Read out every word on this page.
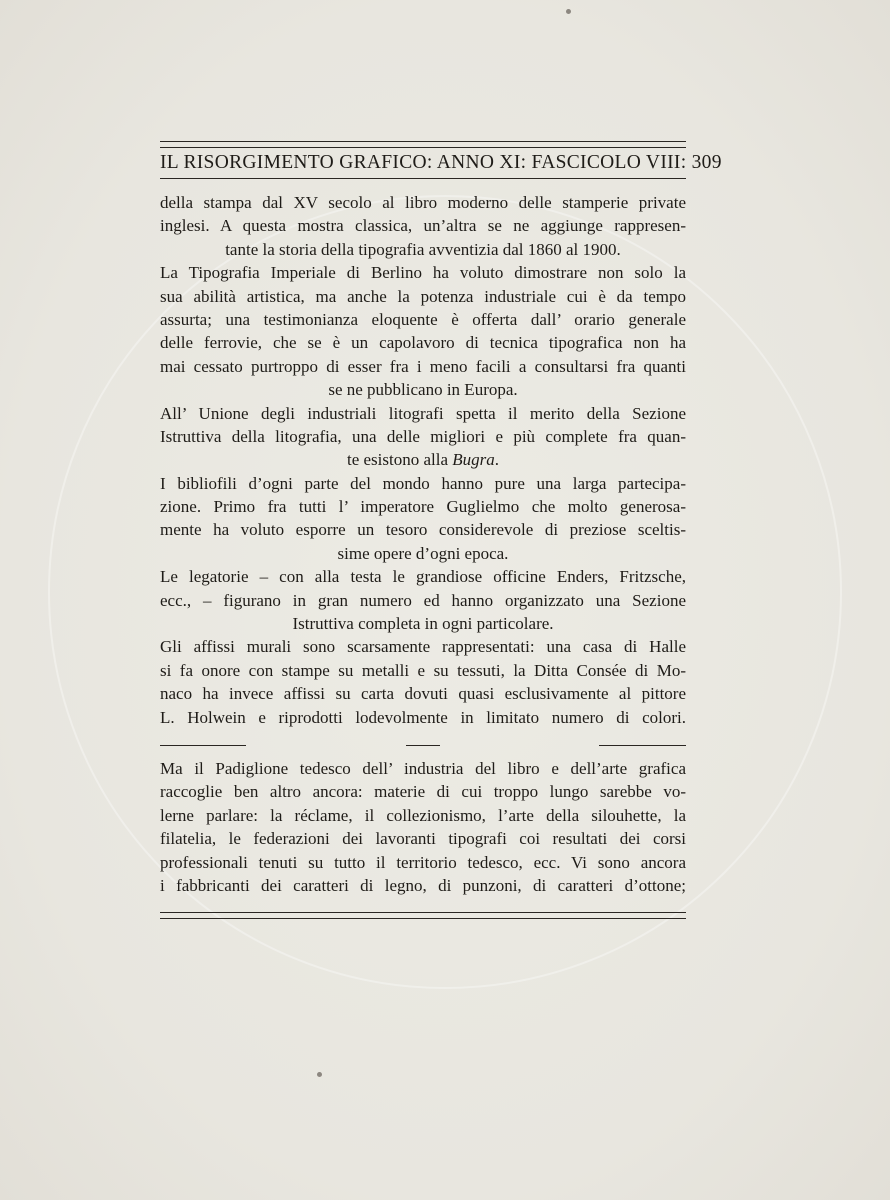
IL RISORGIMENTO GRAFICO: ANNO XI: FASCICOLO VIII: 309
della stampa dal XV secolo al libro moderno delle stamperie private
inglesi. A questa mostra classica, un’altra se ne aggiunge rappresen-
tante la storia della tipografia avventizia dal 1860 al 1900.
La Tipografia Imperiale di Berlino ha voluto dimostrare non solo la
sua abilità artistica, ma anche la potenza industriale cui è da tempo
assurta; una testimonianza eloquente è offerta dall’ orario generale
delle ferrovie, che se è un capolavoro di tecnica tipografica non ha
mai cessato purtroppo di esser fra i meno facili a consultarsi fra quanti
se ne pubblicano in Europa.
All’ Unione degli industriali litografi spetta il merito della Sezione
Istruttiva della litografia, una delle migliori e più complete fra quan-
te esistono alla Bugra.
I bibliofili d’ogni parte del mondo hanno pure una larga partecipa-
zione. Primo fra tutti l’ imperatore Guglielmo che molto generosa-
mente ha voluto esporre un tesoro considerevole di preziose sceltis-
sime opere d’ogni epoca.
Le legatorie – con alla testa le grandiose officine Enders, Fritzsche,
ecc., – figurano in gran numero ed hanno organizzato una Sezione
Istruttiva completa in ogni particolare.
Gli affissi murali sono scarsamente rappresentati: una casa di Halle
si fa onore con stampe su metalli e su tessuti, la Ditta Consée di Mo-
naco ha invece affissi su carta dovuti quasi esclusivamente al pittore
L. Holwein e riprodotti lodevolmente in limitato numero di colori.
Ma il Padiglione tedesco dell’ industria del libro e dell’arte grafica
raccoglie ben altro ancora: materie di cui troppo lungo sarebbe vo-
lerne parlare: la réclame, il collezionismo, l’arte della silouhette, la
filatelia, le federazioni dei lavoranti tipografi coi resultati dei corsi
professionali tenuti su tutto il territorio tedesco, ecc. Vi sono ancora
i fabbricanti dei caratteri di legno, di punzoni, di caratteri d’ottone;
